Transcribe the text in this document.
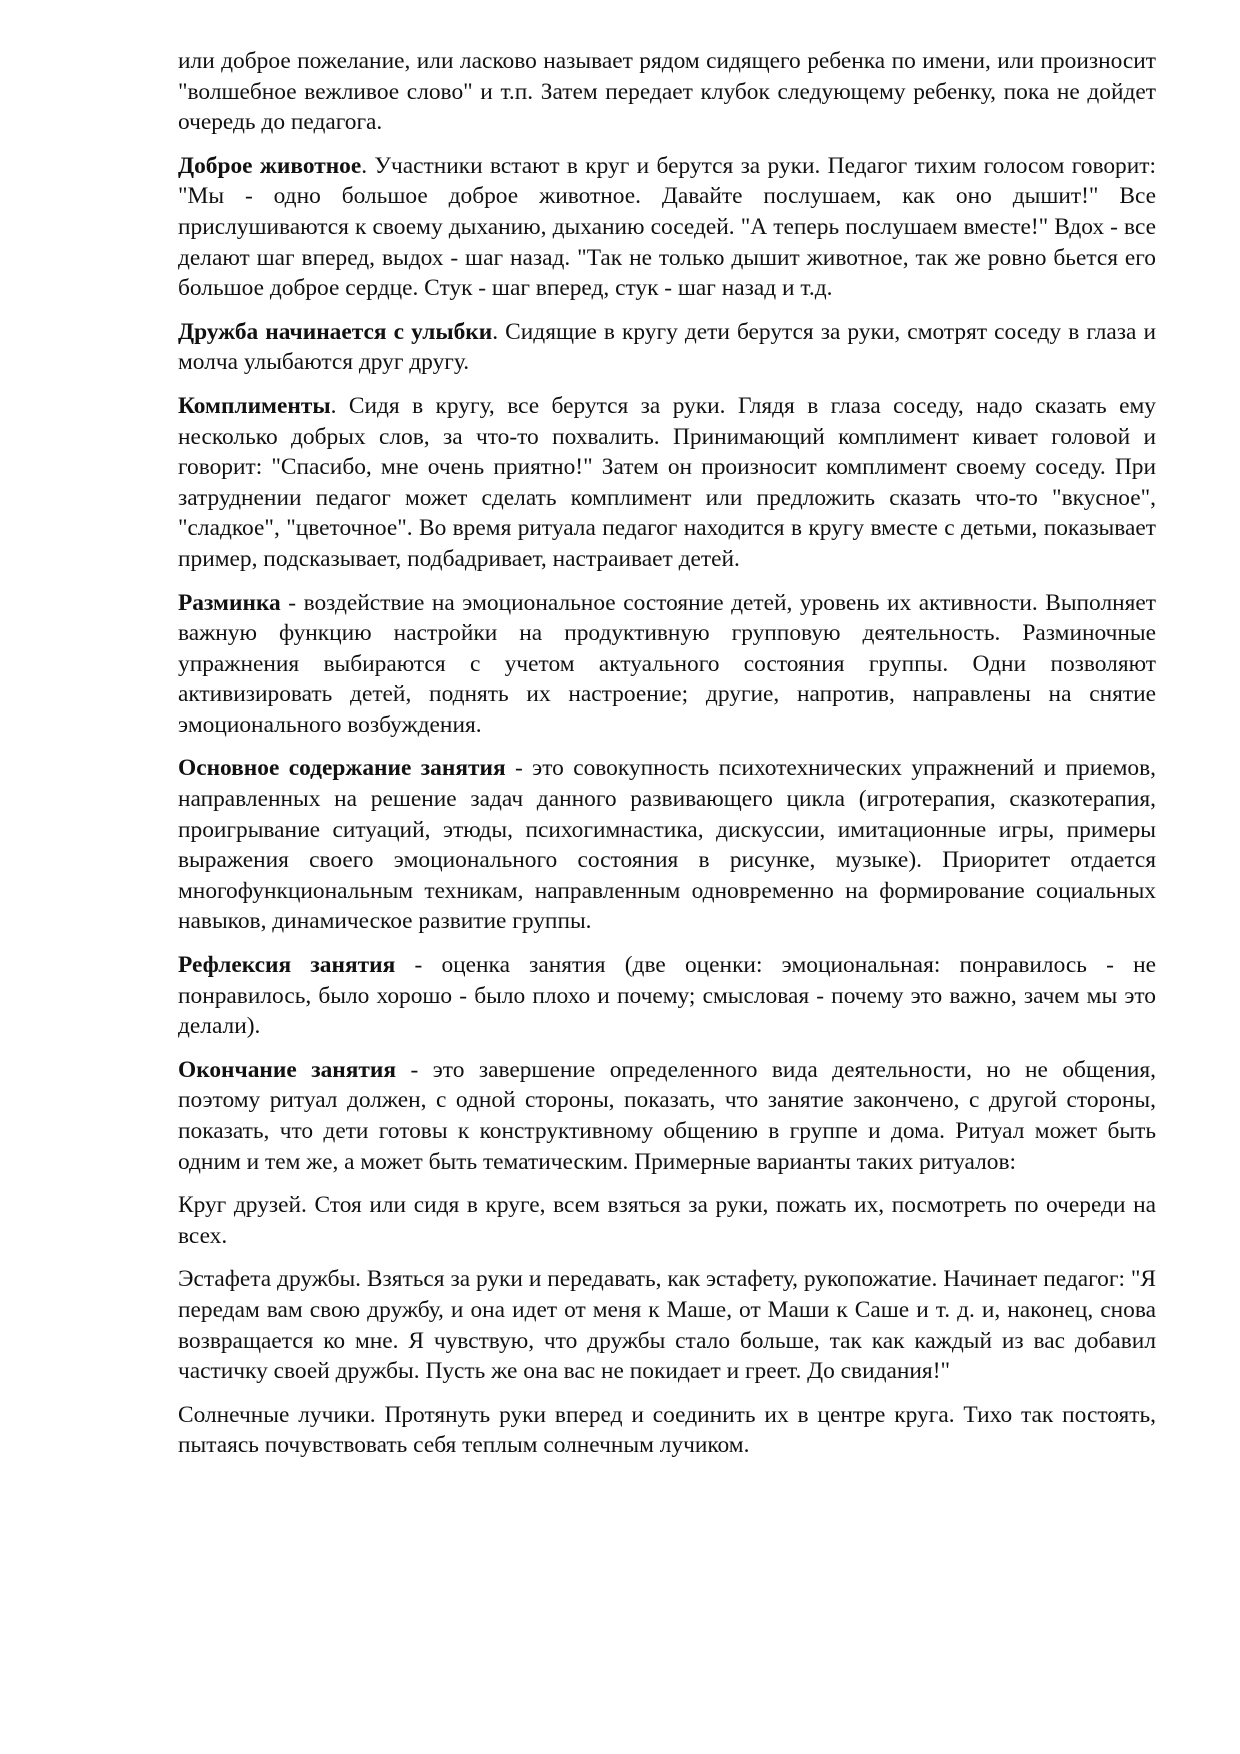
или доброе пожелание, или ласково называет рядом сидящего ребенка по имени, или произносит "волшебное вежливое слово" и т.п. Затем передает клубок следующему ребенку, пока не дойдет очередь до педагога.

Доброе животное. Участники встают в круг и берутся за руки. Педагог тихим голосом говорит: "Мы - одно большое доброе животное. Давайте послушаем, как оно дышит!" Все прислушиваются к своему дыханию, дыханию соседей. "А теперь послушаем вместе!" Вдох - все делают шаг вперед, выдох - шаг назад. "Так не только дышит животное, так же ровно бьется его большое доброе сердце. Стук - шаг вперед, стук - шаг назад и т.д.

Дружба начинается с улыбки. Сидящие в кругу дети берутся за руки, смотрят соседу в глаза и молча улыбаются друг другу.

Комплименты. Сидя в кругу, все берутся за руки. Глядя в глаза соседу, надо сказать ему несколько добрых слов, за что-то похвалить. Принимающий комплимент кивает головой и говорит: "Спасибо, мне очень приятно!" Затем он произносит комплимент своему соседу. При затруднении педагог может сделать комплимент или предложить сказать что-то "вкусное", "сладкое", "цветочное". Во время ритуала педагог находится в кругу вместе с детьми, показывает пример, подсказывает, подбадривает, настраивает детей.

Разминка - воздействие на эмоциональное состояние детей, уровень их активности. Выполняет важную функцию настройки на продуктивную групповую деятельность. Разминочные упражнения выбираются с учетом актуального состояния группы. Одни позволяют активизировать детей, поднять их настроение; другие, напротив, направлены на снятие эмоционального возбуждения.

Основное содержание занятия - это совокупность психотехнических упражнений и приемов, направленных на решение задач данного развивающего цикла (игротерапия, сказкотерапия, проигрывание ситуаций, этюды, психогимнастика, дискуссии, имитационные игры, примеры выражения своего эмоционального состояния в рисунке, музыке). Приоритет отдается многофункциональным техникам, направленным одновременно на формирование социальных навыков, динамическое развитие группы.

Рефлексия занятия - оценка занятия (две оценки: эмоциональная: понравилось - не понравилось, было хорошо - было плохо и почему; смысловая - почему это важно, зачем мы это делали).

Окончание занятия - это завершение определенного вида деятельности, но не общения, поэтому ритуал должен, с одной стороны, показать, что занятие закончено, с другой стороны, показать, что дети готовы к конструктивному общению в группе и дома. Ритуал может быть одним и тем же, а может быть тематическим. Примерные варианты таких ритуалов:

Круг друзей. Стоя или сидя в круге, всем взяться за руки, пожать их, посмотреть по очереди на всех.

Эстафета дружбы. Взяться за руки и передавать, как эстафету, рукопожатие. Начинает педагог: "Я передам вам свою дружбу, и она идет от меня к Маше, от Маши к Саше и т. д. и, наконец, снова возвращается ко мне. Я чувствую, что дружбы стало больше, так как каждый из вас добавил частичку своей дружбы. Пусть же она вас не покидает и греет. До свидания!"

Солнечные лучики. Протянуть руки вперед и соединить их в центре круга. Тихо так постоять, пытаясь почувствовать себя теплым солнечным лучиком.
